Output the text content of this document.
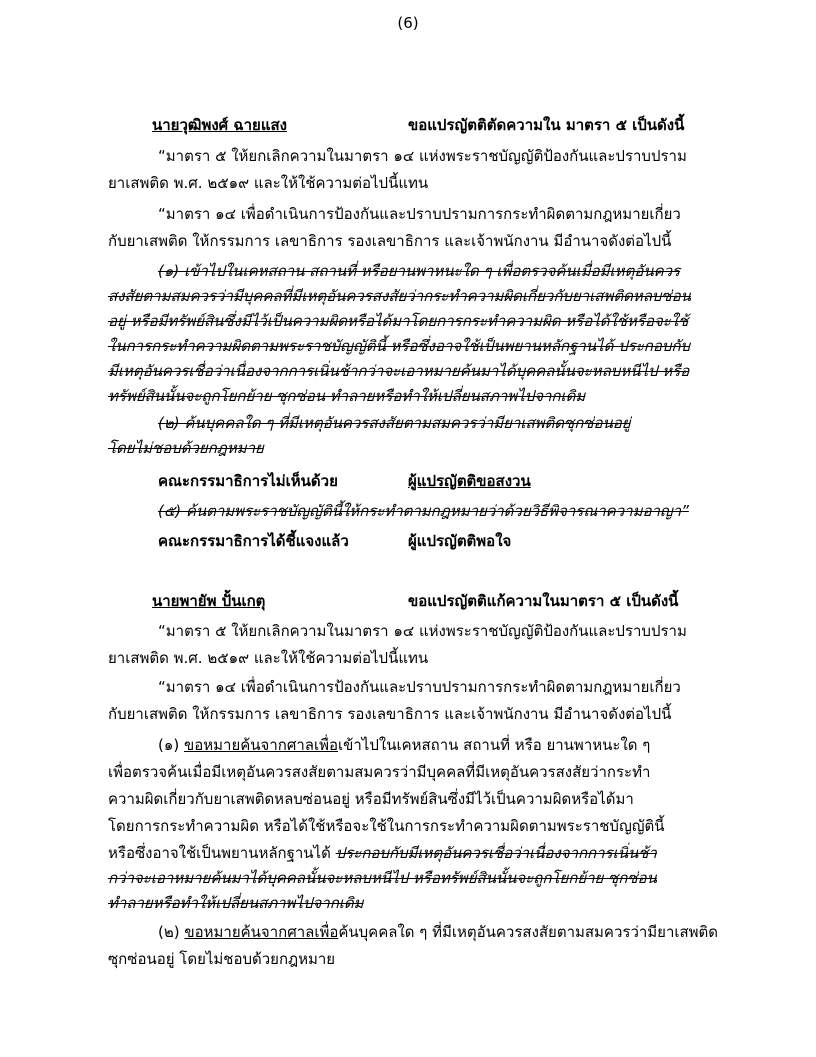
(6)
นายวุฒิพงศ์ ฉายแสง	ขอแปรญัตติตัดความใน มาตรา ๕ เป็นดังนี้
“มาตรา ๕ ให้ยกเลิกความในมาตรา ๑๔ แห่งพระราชบัญญัติป้องกันและปราบปราม
ยาเสพติด พ.ศ. ๒๕๑๙ และให้ใช้ความต่อไปนี้แทน
“มาตรา ๑๔ เพื่อดำเนินการป้องกันและปราบปรามการกระทำผิดตามกฎหมายเกี่ยว
กับยาเสพติด ให้กรรมการ เลขาธิการ รองเลขาธิการ และเจ้าพนักงาน มีอำนาจดังต่อไปนี้
(๑) เข้าไปในเคหสถาน สถานที่ หรือยานพาหนะใด ๆ เพื่อตรวจค้นเมื่อมีเหตุอันควร
สงสัยตามสมควรว่ามีบุคคลที่มีเหตุอันควรสงสัยว่ากระทำความผิดเกี่ยวกับยาเสพติดหลบซ่อน
อยู่ หรือมีทรัพย์สินซึ่งมีไว้เป็นความผิดหรือได้มาโดยการกระทำความผิด หรือได้ใช้หรือจะใช้
ในการกระทำความผิดตามพระราชบัญญัตินี้ หรือซึ่งอาจใช้เป็นพยานหลักฐานได้ ประกอบกับ
มีเหตุอันควรเชื่อว่าเนื่องจากการเนิ่นช้ากว่าจะเอาหมายค้นมาได้บุคคลนั้นจะหลบหนีไป หรือ
ทรัพย์สินนั้นจะถูกโยกย้าย ซุกซ่อน ทำลายหรือทำให้เปลี่ยนสภาพไปจากเดิม
(๒) ค้นบุคคลใด ๆ ที่มีเหตุอันควรสงสัยตามสมควรว่ามียาเสพติดซุกซ่อนอยู่
โดยไม่ชอบด้วยกฎหมาย
คณะกรรมาธิการไม่เห็นด้วย	ผู้แปรญัตติขอสงวน
(๕) ค้นตามพระราชบัญญัตินี้ให้กระทำตามกฎหมายว่าด้วยวิธีพิจารณาความอาญา”
คณะกรรมาธิการได้ชี้แจงแล้ว	ผู้แปรญัตติพอใจ
นายพายัพ ปั้นเกตุ	ขอแปรญัตติแก้ความในมาตรา ๕ เป็นดังนี้
“มาตรา ๕ ให้ยกเลิกความในมาตรา ๑๔ แห่งพระราชบัญญัติป้องกันและปราบปราม
ยาเสพติด พ.ศ. ๒๕๑๙ และให้ใช้ความต่อไปนี้แทน
“มาตรา ๑๔ เพื่อดำเนินการป้องกันและปราบปรามการกระทำผิดตามกฎหมายเกี่ยว
กับยาเสพติด ให้กรรมการ เลขาธิการ รองเลขาธิการ และเจ้าพนักงาน มีอำนาจดังต่อไปนี้
(๑) ขอหมายค้นจากศาลเพื่อเข้าไปในเคหสถาน สถานที่ หรือ ยานพาหนะใด ๆ
เพื่อตรวจค้นเมื่อมีเหตุอันควรสงสัยตามสมควรว่ามีบุคคลที่มีเหตุอันควรสงสัยว่ากระทำ
ความผิดเกี่ยวกับยาเสพติดหลบซ่อนอยู่ หรือมีทรัพย์สินซึ่งมีไว้เป็นความผิดหรือได้มา
โดยการกระทำความผิด หรือได้ใช้หรือจะใช้ในการกระทำความผิดตามพระราชบัญญัตินี้
หรือซึ่งอาจใช้เป็นพยานหลักฐานได้ ประกอบกับมีเหตุอันควรเชื่อว่าเนื่องจากการเนิ่นช้า
กว่าจะเอาหมายค้นมาได้บุคคลนั้นจะหลบหนีไป หรือทรัพย์สินนั้นจะถูกโยกย้าย ซุกซ่อน
ทำลายหรือทำให้เปลี่ยนสภาพไปจากเดิม
(๒) ขอหมายค้นจากศาลเพื่อค้นบุคคลใด ๆ ที่มีเหตุอันควรสงสัยตามสมควรว่ามียาเสพติด
ซุกซ่อนอยู่ โดยไม่ชอบด้วยกฎหมาย
